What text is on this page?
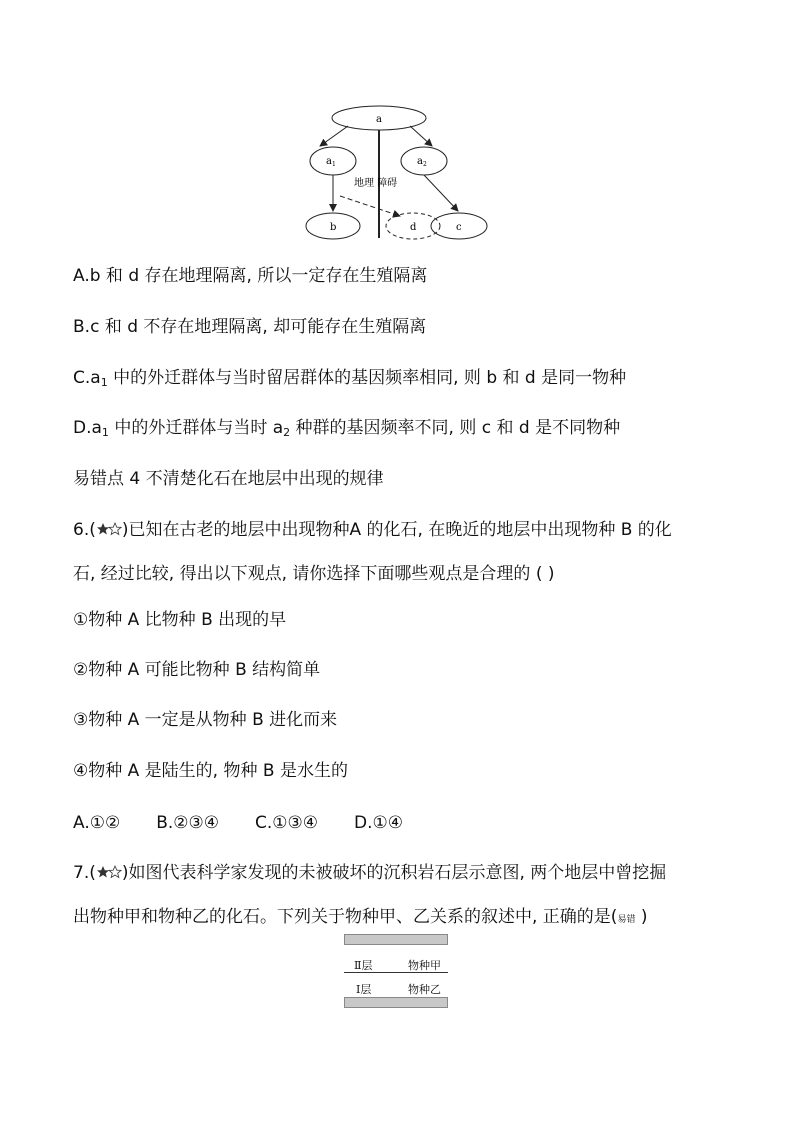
a
$a_1$	$a_2$
b	d	c
地理 障碍
A.b 和 d 存在地理隔离, 所以一定存在生殖隔离
B.c 和 d 不存在地理隔离, 却可能存在生殖隔离
$C.a_1$ 中的外迁群体与当时留居群体的基因频率相同, 则 b 和 d 是同一物种
$D.a_1$ 中的外迁群体与当时 $a_2$ 种群的基因频率不同, 则 c 和 d 是不同物种
易错点 4 不清楚化石在地层中出现的规律
6.( )已知在古老的地层中出现物种A 的化石, 在晚近的地层中出现物种 B 的化
石, 经过比较, 得出以下观点, 请你选择下面哪些观点是合理的 ( )
①物种 A 比物种 B 出现的早
②物种 A 可能比物种 B 结构简单
③物种 A 一定是从物种 B 进化而来
④物种 A 是陆生的, 物种 B 是水生的
A.①② B.②③④ C.①③④ D.①④
7.( )如图代表科学家发现的未被破坏的沉积岩石层示意图, 两个地层中曾挖掘
出物种甲和物种乙的化石。下列关于物种甲、乙关系的叙述中, 正确的是(易错 )
Ⅱ层	物种甲
Ⅰ层	物种乙
